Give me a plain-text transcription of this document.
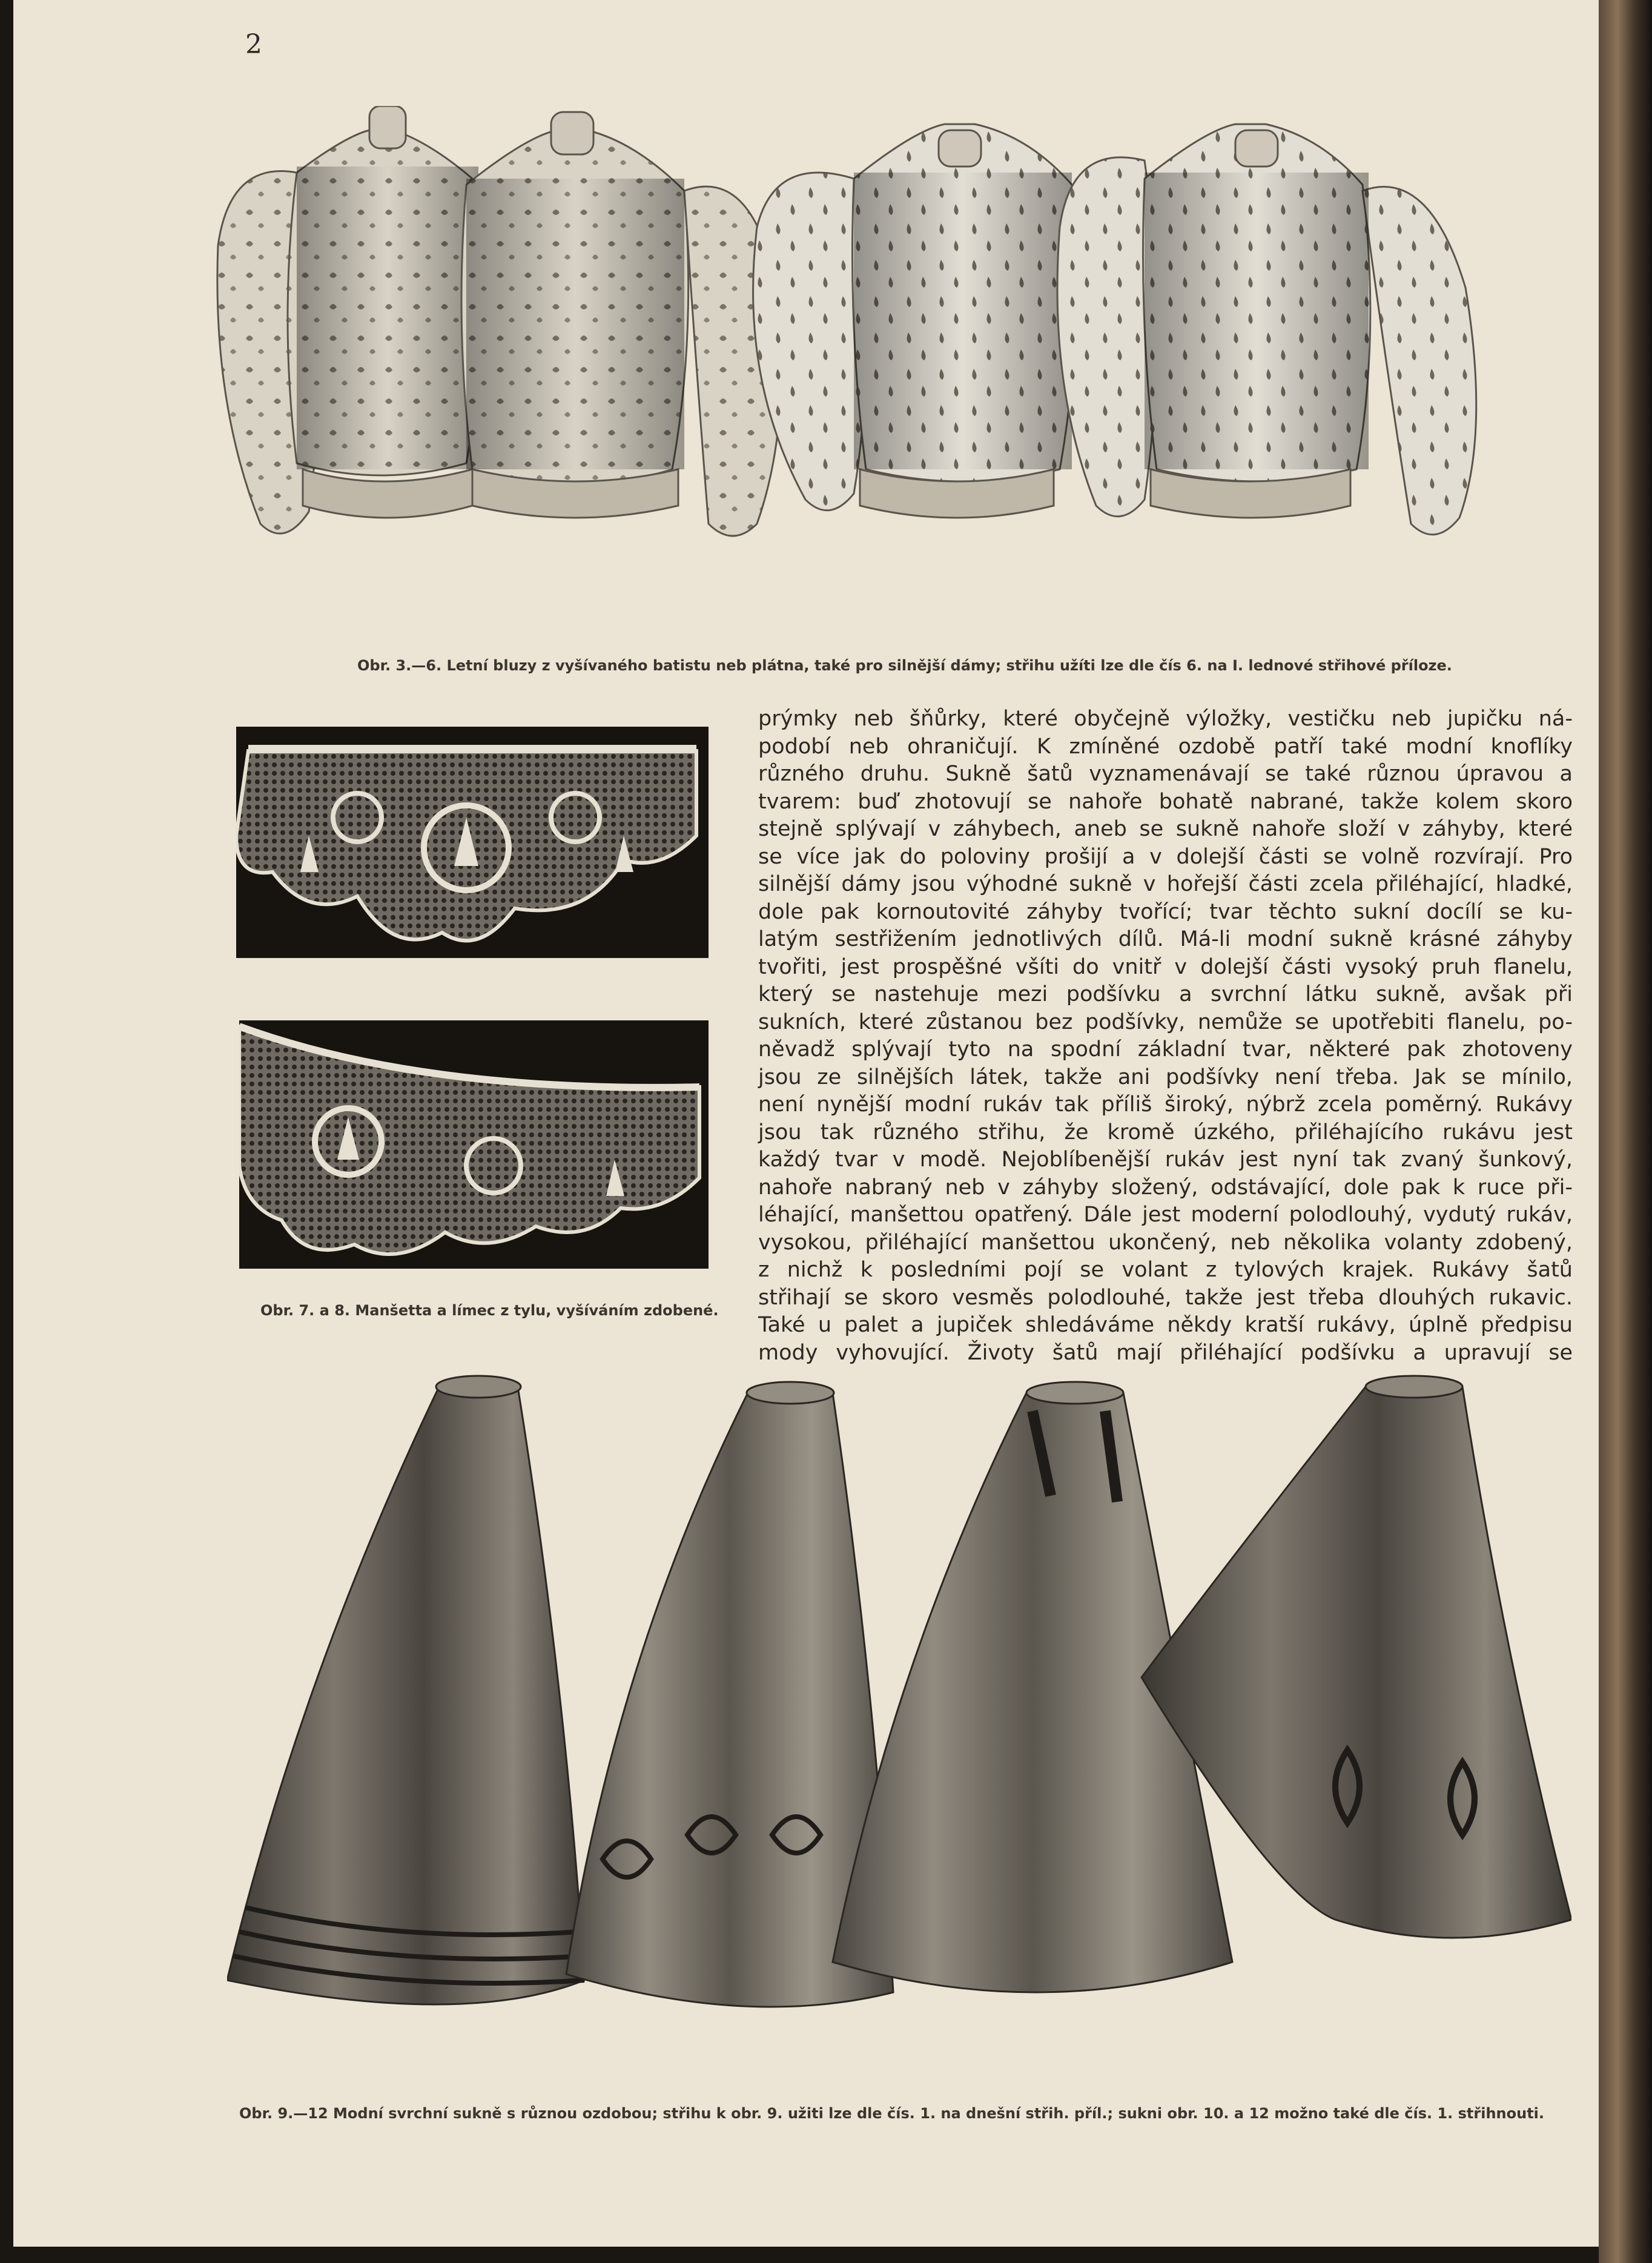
2
Obr. 3.—6. Letní bluzy z vyšívaného batistu neb plátna, také pro silnější dámy; střihu užíti lze dle čís 6. na I. lednové střihové příloze.
Obr. 7. a 8. Manšetta a límec z tylu, vyšíváním zdobené.
prýmky neb šňůrky, které obyčejně výložky, vestičku neb jupičku ná-
podobí neb ohraničují. K zmíněné ozdobě patří také modní knoflíky
různého druhu. Sukně šatů vyznamenávají se také různou úpravou a
tvarem: buď zhotovují se nahoře bohatě nabrané, takže kolem skoro
stejně splývají v záhybech, aneb se sukně nahoře složí v záhyby, které
se více jak do poloviny prošijí a v dolejší části se volně rozvírají. Pro
silnější dámy jsou výhodné sukně v hořejší části zcela přiléhající, hladké,
dole pak kornoutovité záhyby tvořící; tvar těchto sukní docílí se ku-
latým sestřižením jednotlivých dílů. Má-li modní sukně krásné záhyby
tvořiti, jest prospěšné všíti do vnitř v dolejší části vysoký pruh flanelu,
který se nastehuje mezi podšívku a svrchní látku sukně, avšak při
sukních, které zůstanou bez podšívky, nemůže se upotřebiti flanelu, po-
něvadž splývají tyto na spodní základní tvar, některé pak zhotoveny
jsou ze silnějších látek, takže ani podšívky není třeba. Jak se mínilo,
není nynější modní rukáv tak příliš široký, nýbrž zcela poměrný. Rukávy
jsou tak různého střihu, že kromě úzkého, přiléhajícího rukávu jest
každý tvar v modě. Nejoblíbenější rukáv jest nyní tak zvaný šunkový,
nahoře nabraný neb v záhyby složený, odstávající, dole pak k ruce při-
léhající, manšettou opatřený. Dále jest moderní polodlouhý, vydutý rukáv,
vysokou, přiléhající manšettou ukončený, neb několika volanty zdobený,
z nichž k posledními pojí se volant z tylových krajek. Rukávy šatů
střihají se skoro vesměs polodlouhé, takže jest třeba dlouhých rukavic.
Také u palet a jupiček shledáváme někdy kratší rukávy, úplně předpisu
mody vyhovující. Životy šatů mají přiléhající podšívku a upravují se
Obr. 9.—12 Modní svrchní sukně s různou ozdobou; střihu k obr. 9. užiti lze dle čís. 1. na dnešní střih. příl.; sukni obr. 10. a 12 možno také dle čís. 1. střihnouti.
